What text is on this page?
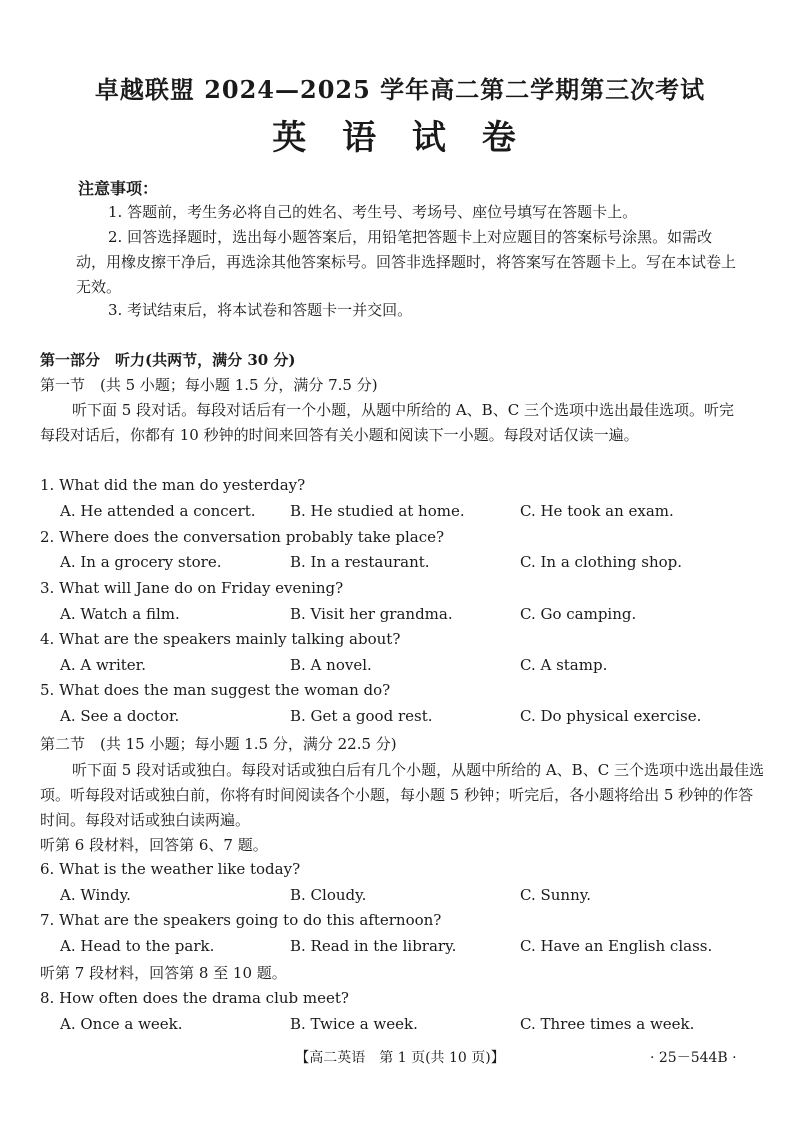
卓越联盟 2024—2025 学年高二第二学期第三次考试
英 语 试 卷
注意事项：
1. 答题前，考生务必将自己的姓名、考生号、考场号、座位号填写在答题卡上。
2. 回答选择题时，选出每小题答案后，用铅笔把答题卡上对应题目的答案标号涂黑。如需改动，用橡皮擦干净后，再选涂其他答案标号。回答非选择题时，将答案写在答题卡上。写在本试卷上无效。
3. 考试结束后，将本试卷和答题卡一并交回。
第一部分　听力(共两节，满分 30 分)
第一节　(共 5 小题；每小题 1.5 分，满分 7.5 分)
听下面 5 段对话。每段对话后有一个小题，从题中所给的 A、B、C 三个选项中选出最佳选项。听完每段对话后，你都有 10 秒钟的时间来回答有关小题和阅读下一小题。每段对话仅读一遍。
1. What did the man do yesterday?
A. He attended a concert. B. He studied at home.	C. He took an exam.
2. Where does the conversation probably take place?
A. In a grocery store.	B. In a restaurant.	C. In a clothing shop.
3. What will Jane do on Friday evening?
A. Watch a film.	B. Visit her grandma.	C. Go camping.
4. What are the speakers mainly talking about?
A. A writer.	B. A novel.	C. A stamp.
5. What does the man suggest the woman do?
A. See a doctor.	B. Get a good rest.	C. Do physical exercise.
第二节　(共 15 小题；每小题 1.5 分，满分 22.5 分)
听下面 5 段对话或独白。每段对话或独白后有几个小题，从题中所给的 A、B、C 三个选项中选出最佳选项。听每段对话或独白前，你将有时间阅读各个小题，每小题 5 秒钟；听完后，各小题将给出 5 秒钟的作答时间。每段对话或独白读两遍。
听第 6 段材料，回答第 6、7 题。
6. What is the weather like today?
A. Windy.	B. Cloudy.	C. Sunny.
7. What are the speakers going to do this afternoon?
A. Head to the park.	B. Read in the library.	C. Have an English class.
听第 7 段材料，回答第 8 至 10 题。
8. How often does the drama club meet?
A. Once a week.	B. Twice a week.	C. Three times a week.
【高二英语　第 1 页(共 10 页)】	· 25－544B ·
